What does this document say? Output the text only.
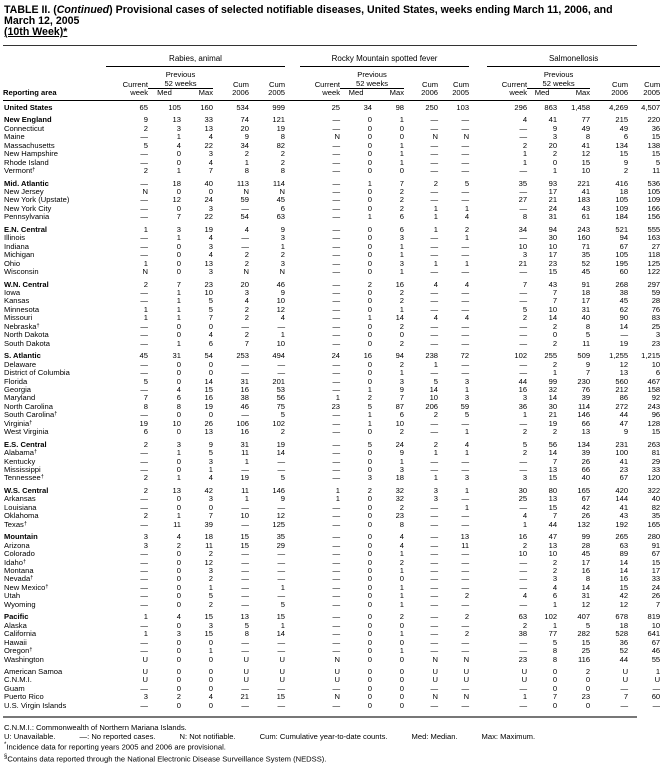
TABLE II. (Continued) Provisional cases of selected notifiable diseases, United States, weeks ending March 11, 2006, and March 12, 2005
(10th Week)*
	Rabies, animal						Rocky Mountain spotted fever						Salmonellosis				
	Current	Previous
52 weeks		Cum	Cum		Current	Previous
52 weeks		Cum	Cum		Current	Previous
52 weeks		Cum	Cum
Reporting area	week	Med	Max	2006	2005		week	Med	Max	2006	2005		week	Med	Max	2006	2005
United States	65	105	160	534	999		25	34	98	250	103		296	863	1,458	4,269	4,507
New England	9	13	33	74	121		—	0	1	—	—		4	41	77	215	220
Connecticut	2	3	13	20	19		—	0	0	—	—		—	9	49	49	36
Maine	—	1	4	9	8		N	0	0	N	N		—	3	8	6	15
Massachusetts	5	4	22	34	82		—	0	1	—	—		2	20	41	134	138
New Hampshire	—	0	3	2	2		—	0	1	—	—		1	2	12	15	15
Rhode Island	—	0	4	1	2		—	0	1	—	—		1	0	15	9	5
Vermont†	2	1	7	8	8		—	0	0	—	—		—	1	10	2	11
Mid. Atlantic	—	18	40	113	114		—	1	7	2	5		35	93	221	416	536
New Jersey	N	0	0	N	N		—	0	2	—	—		—	17	41	18	105
New York (Upstate)	—	12	24	59	45		—	0	2	—	—		27	21	183	105	109
New York City	—	0	3	—	6		—	0	2	1	1		—	24	43	109	166
Pennsylvania	—	7	22	54	63		—	1	6	1	4		8	31	61	184	156
E.N. Central	1	3	19	4	9		—	0	6	1	2		34	94	243	521	555
Illinois	—	1	4	—	3		—	0	3	—	1		—	30	160	94	163
Indiana	—	0	3	—	1		—	0	1	—	—		10	10	71	67	27
Michigan	—	0	4	2	2		—	0	1	—	—		3	17	35	105	118
Ohio	1	0	13	2	3		—	0	3	1	1		21	23	52	195	125
Wisconsin	N	0	3	N	N		—	0	1	—	—		—	15	45	60	122
W.N. Central	2	7	23	20	46		—	2	16	4	4		7	43	91	268	297
Iowa	—	1	10	3	9		—	0	2	—	—		—	7	18	38	59
Kansas	—	1	5	4	10		—	0	2	—	—		—	7	17	45	28
Minnesota	1	1	5	2	12		—	0	1	—	—		5	10	31	62	76
Missouri	1	1	7	2	4		—	1	14	4	4		2	14	40	90	83
Nebraska†	—	0	0	—	—		—	0	2	—	—		—	2	8	14	25
North Dakota	—	0	4	2	1		—	0	0	—	—		—	0	5	—	3
South Dakota	—	1	6	7	10		—	0	2	—	—		—	2	11	19	23
S. Atlantic	45	31	54	253	494		24	16	94	238	72		102	255	509	1,255	1,215
Delaware	—	0	0	—	—		—	0	2	1	—		—	2	9	12	10
District of Columbia	—	0	0	—	—		—	0	1	—	—		—	1	7	13	6
Florida	5	0	14	31	201		—	0	3	5	3		44	99	230	560	467
Georgia	—	4	15	16	53		—	1	9	14	1		16	32	76	212	158
Maryland	7	6	16	38	56		1	2	7	10	3		3	14	39	86	92
North Carolina	8	8	19	46	75		23	5	87	206	59		36	30	114	272	243
South Carolina†	—	0	0	—	5		—	1	6	2	5		1	21	146	44	96
Virginia†	19	10	26	106	102		—	1	10	—	—		—	19	66	47	128
West Virginia	6	0	13	16	2		—	0	2	—	1		2	2	13	9	15
E.S. Central	2	3	9	31	19		—	5	24	2	4		5	56	134	231	263
Alabama†	—	1	5	11	14		—	0	9	1	1		2	14	39	100	81
Kentucky	—	0	3	1	—		—	0	1	—	—		—	7	26	41	29
Mississippi	—	0	1	—	—		—	0	3	—	—		—	13	66	23	33
Tennessee†	2	1	4	19	5		—	3	18	1	3		3	15	40	67	120
W.S. Central	2	13	42	11	146		1	2	32	3	1		30	80	165	420	322
Arkansas	—	0	3	1	9		1	0	32	3	—		25	13	67	144	40
Louisiana	—	0	0	—	—		—	0	2	—	1		—	15	42	41	82
Oklahoma	2	1	7	10	12		—	0	23	—	—		4	7	26	43	35
Texas†	—	11	39	—	125		—	0	8	—	—		1	44	132	192	165
Mountain	3	4	18	15	35		—	0	4	—	13		16	47	99	265	280
Arizona	3	2	11	15	29		—	0	4	—	11		2	13	28	63	91
Colorado	—	0	2	—	—		—	0	1	—	—		10	10	45	89	67
Idaho†	—	0	12	—	—		—	0	2	—	—		—	2	17	14	15
Montana	—	0	3	—	—		—	0	1	—	—		—	2	16	14	17
Nevada†	—	0	2	—	—		—	0	0	—	—		—	3	8	16	33
New Mexico†	—	0	1	—	1		—	0	1	—	—		—	4	14	15	24
Utah	—	0	5	—	—		—	0	1	—	2		4	6	31	42	26
Wyoming	—	0	2	—	5		—	0	1	—	—		—	1	12	12	7
Pacific	1	4	15	13	15		—	0	2	—	2		63	102	407	678	819
Alaska	—	0	3	5	1		—	0	0	—	—		2	1	5	18	10
California	1	3	15	8	14		—	0	1	—	2		38	77	282	528	641
Hawaii	—	0	0	—	—		—	0	0	—	—		—	5	15	36	67
Oregon†	—	0	1	—	—		—	0	1	—	—		—	8	25	52	46
Washington	U	0	0	U	U		N	0	0	N	N		23	8	116	44	55
American Samoa	U	0	0	U	U		U	0	0	U	U		U	0	2	U	1
C.N.M.I.	U	0	0	U	U		U	0	0	U	U		U	0	0	U	U
Guam	—	0	0	—	—		—	0	0	—	—		—	0	0	—	—
Puerto Rico	3	2	4	21	15		N	0	0	N	N		1	7	23	7	60
U.S. Virgin Islands	—	0	0	—	—		—	0	0	—	—		—	0	0	—	—
C.N.M.I.: Commonwealth of Northern Mariana Islands.
U: Unavailable.	—: No reported cases.	N: Not notifiable.	Cum: Cumulative year-to-date counts.	Med: Median.	Max: Maximum.
*Incidence data for reporting years 2005 and 2006 are provisional.
§Contains data reported through the National Electronic Disease Surveillance System (NEDSS).
